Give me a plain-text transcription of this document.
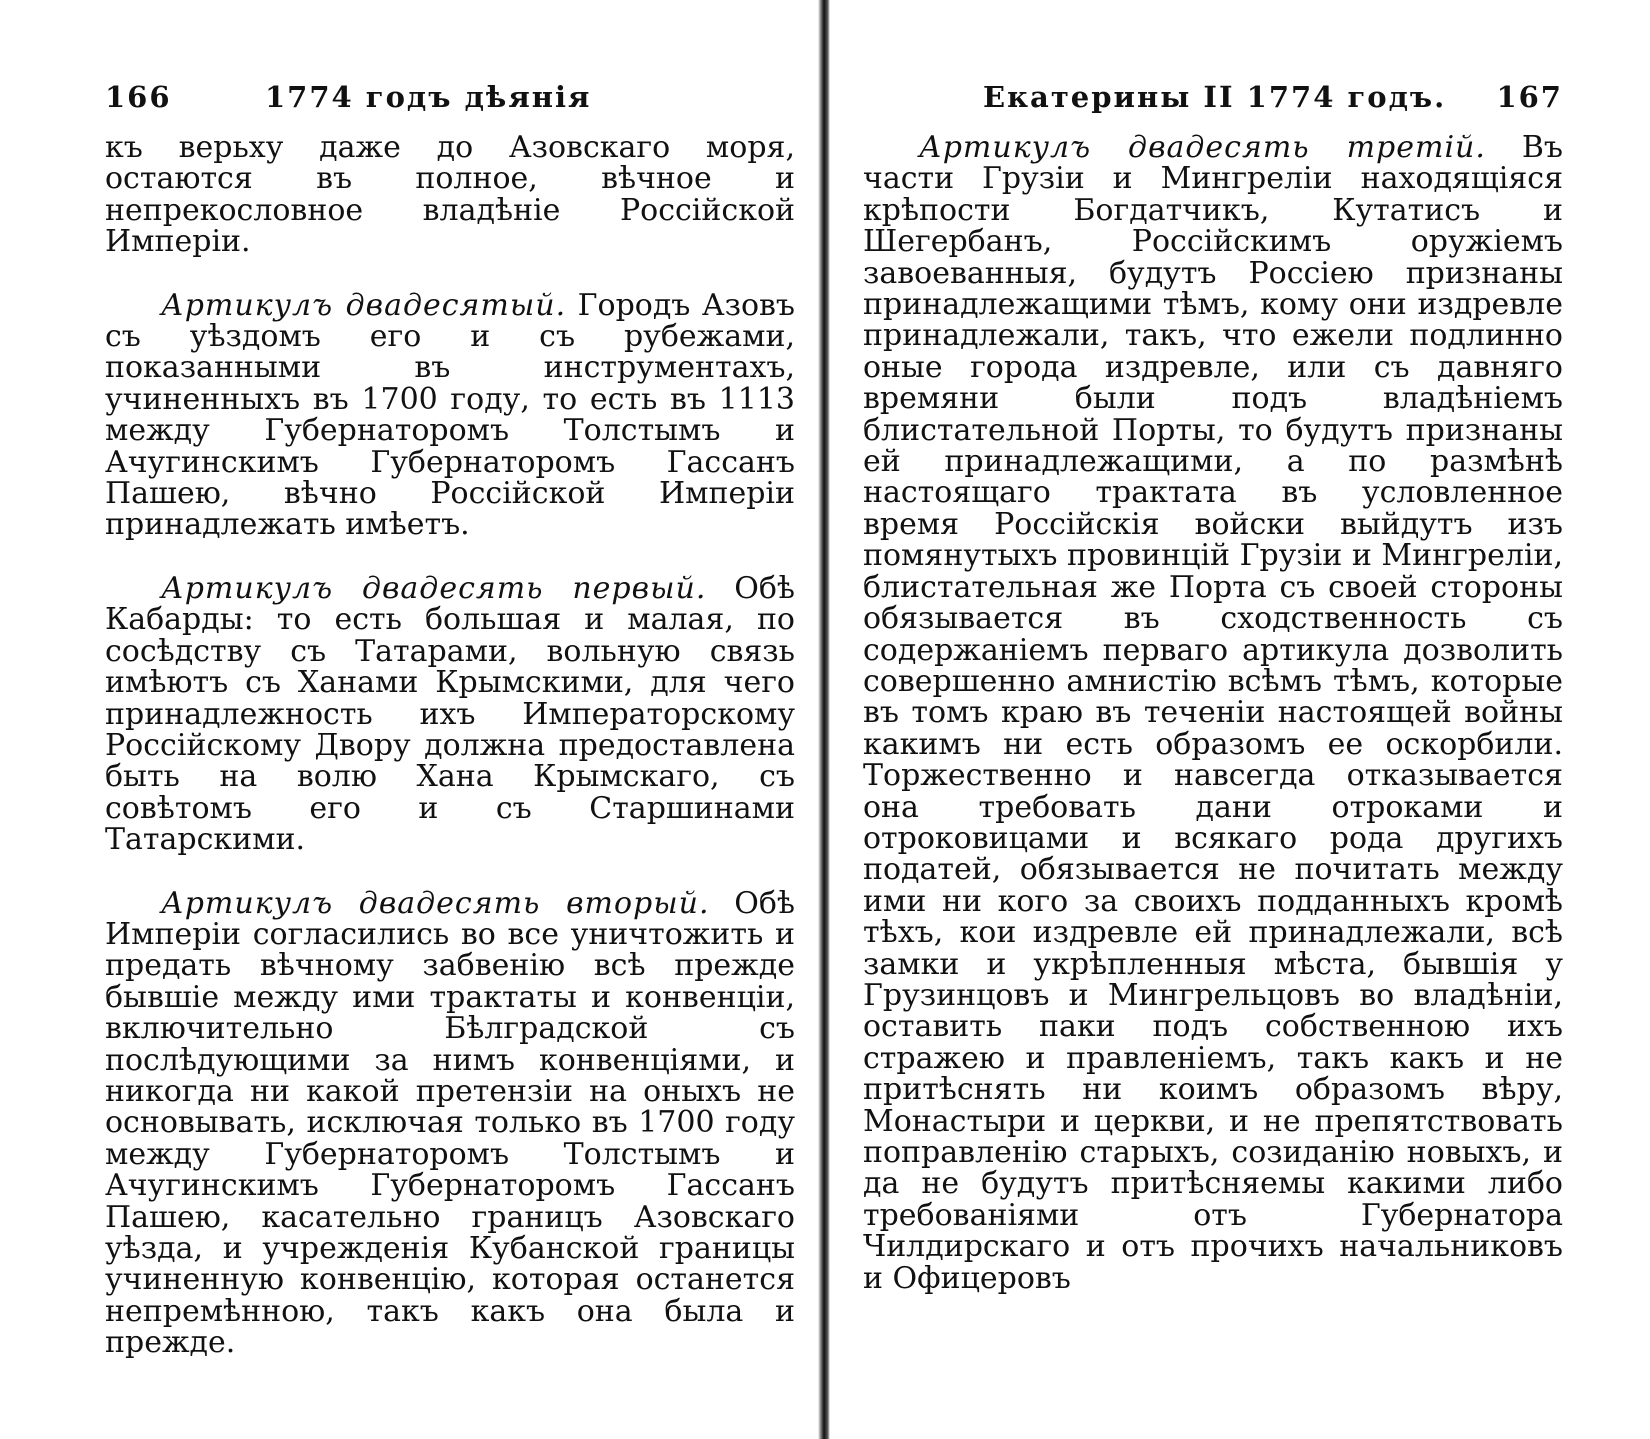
166	1774 годъ дѣянія

къ верьху даже до Азовскаго моря, остаются въ полное, вѣчное и непрекословное владѣніе Россійской Имперіи.

Артикулъ двадесятый. Городъ Азовъ съ уѣздомъ его и съ рубежами, показанными въ инструментахъ, учиненныхъ въ 1700 году, то есть въ 1113 между Губернаторомъ Толстымъ и Ачугинскимъ Губернаторомъ Гассанъ Пашею, вѣчно Россійской Имперіи принадлежать имѣетъ.

Артикулъ двадесять первый. Обѣ Кабарды: то есть большая и малая, по сосѣдству съ Татарами, вольную связь имѣютъ съ Ханами Крымскими, для чего принадлежность ихъ Императорскому Россійскому Двору должна предоставлена быть на волю Хана Крымскаго, съ совѣтомъ его и съ Старшинами Татарскими.

Артикулъ двадесять вторый. Обѣ Имперіи согласились во все уничтожить и предать вѣчному забвенію всѣ прежде бывшіе между ими трактаты и конвенціи, включительно Бѣлградской съ послѣдующими за нимъ конвенціями, и никогда ни какой претензіи на оныхъ не основывать, исключая только въ 1700 году между Губернаторомъ Толстымъ и Ачугинскимъ Губернаторомъ Гассанъ Пашею, касательно границъ Азовскаго уѣзда, и учрежденія Кубанской границы учиненную конвенцію, которая останется непремѣнною, такъ какъ она была и прежде.

Екатерины II 1774 годъ. 167

Артикулъ двадесять третій. Въ части Грузіи и Мингреліи находящіяся крѣпости Богдатчикъ, Кутатисъ и Шегербанъ, Россійскимъ оружіемъ завоеванныя, будутъ Россіею признаны принадлежащими тѣмъ, кому они издревле принадлежали, такъ, что ежели подлинно оные города издревле, или съ давняго времяни были подъ владѣніемъ блистательной Порты, то будутъ признаны ей принадлежащими, а по размѣнѣ настоящаго трактата въ условленное время Россійскія войски выйдутъ изъ помянутыхъ провинцій Грузіи и Мингреліи, блистательная же Порта съ своей стороны обязывается въ сходственность съ содержаніемъ перваго артикула дозволить совершенно амнистію всѣмъ тѣмъ, которые въ томъ краю въ теченіи настоящей войны какимъ ни есть образомъ ее оскорбили. Торжественно и навсегда отказывается она требовать дани отроками и отроковицами и всякаго рода другихъ податей, обязывается не почитать между ими ни кого за своихъ подданныхъ кромѣ тѣхъ, кои издревле ей принадлежали, всѣ замки и укрѣпленныя мѣста, бывшія у Грузинцовъ и Мингрельцовъ во владѣніи, оставить паки подъ собственною ихъ стражею и правленіемъ, такъ какъ и не притѣснять ни коимъ образомъ вѣру, Монастыри и церкви, и не препятствовать поправленію старыхъ, созиданію новыхъ, и да не будутъ притѣсняемы какими либо требованіями отъ Губернатора Чилдирскаго и отъ прочихъ начальниковъ и Офицеровъ
